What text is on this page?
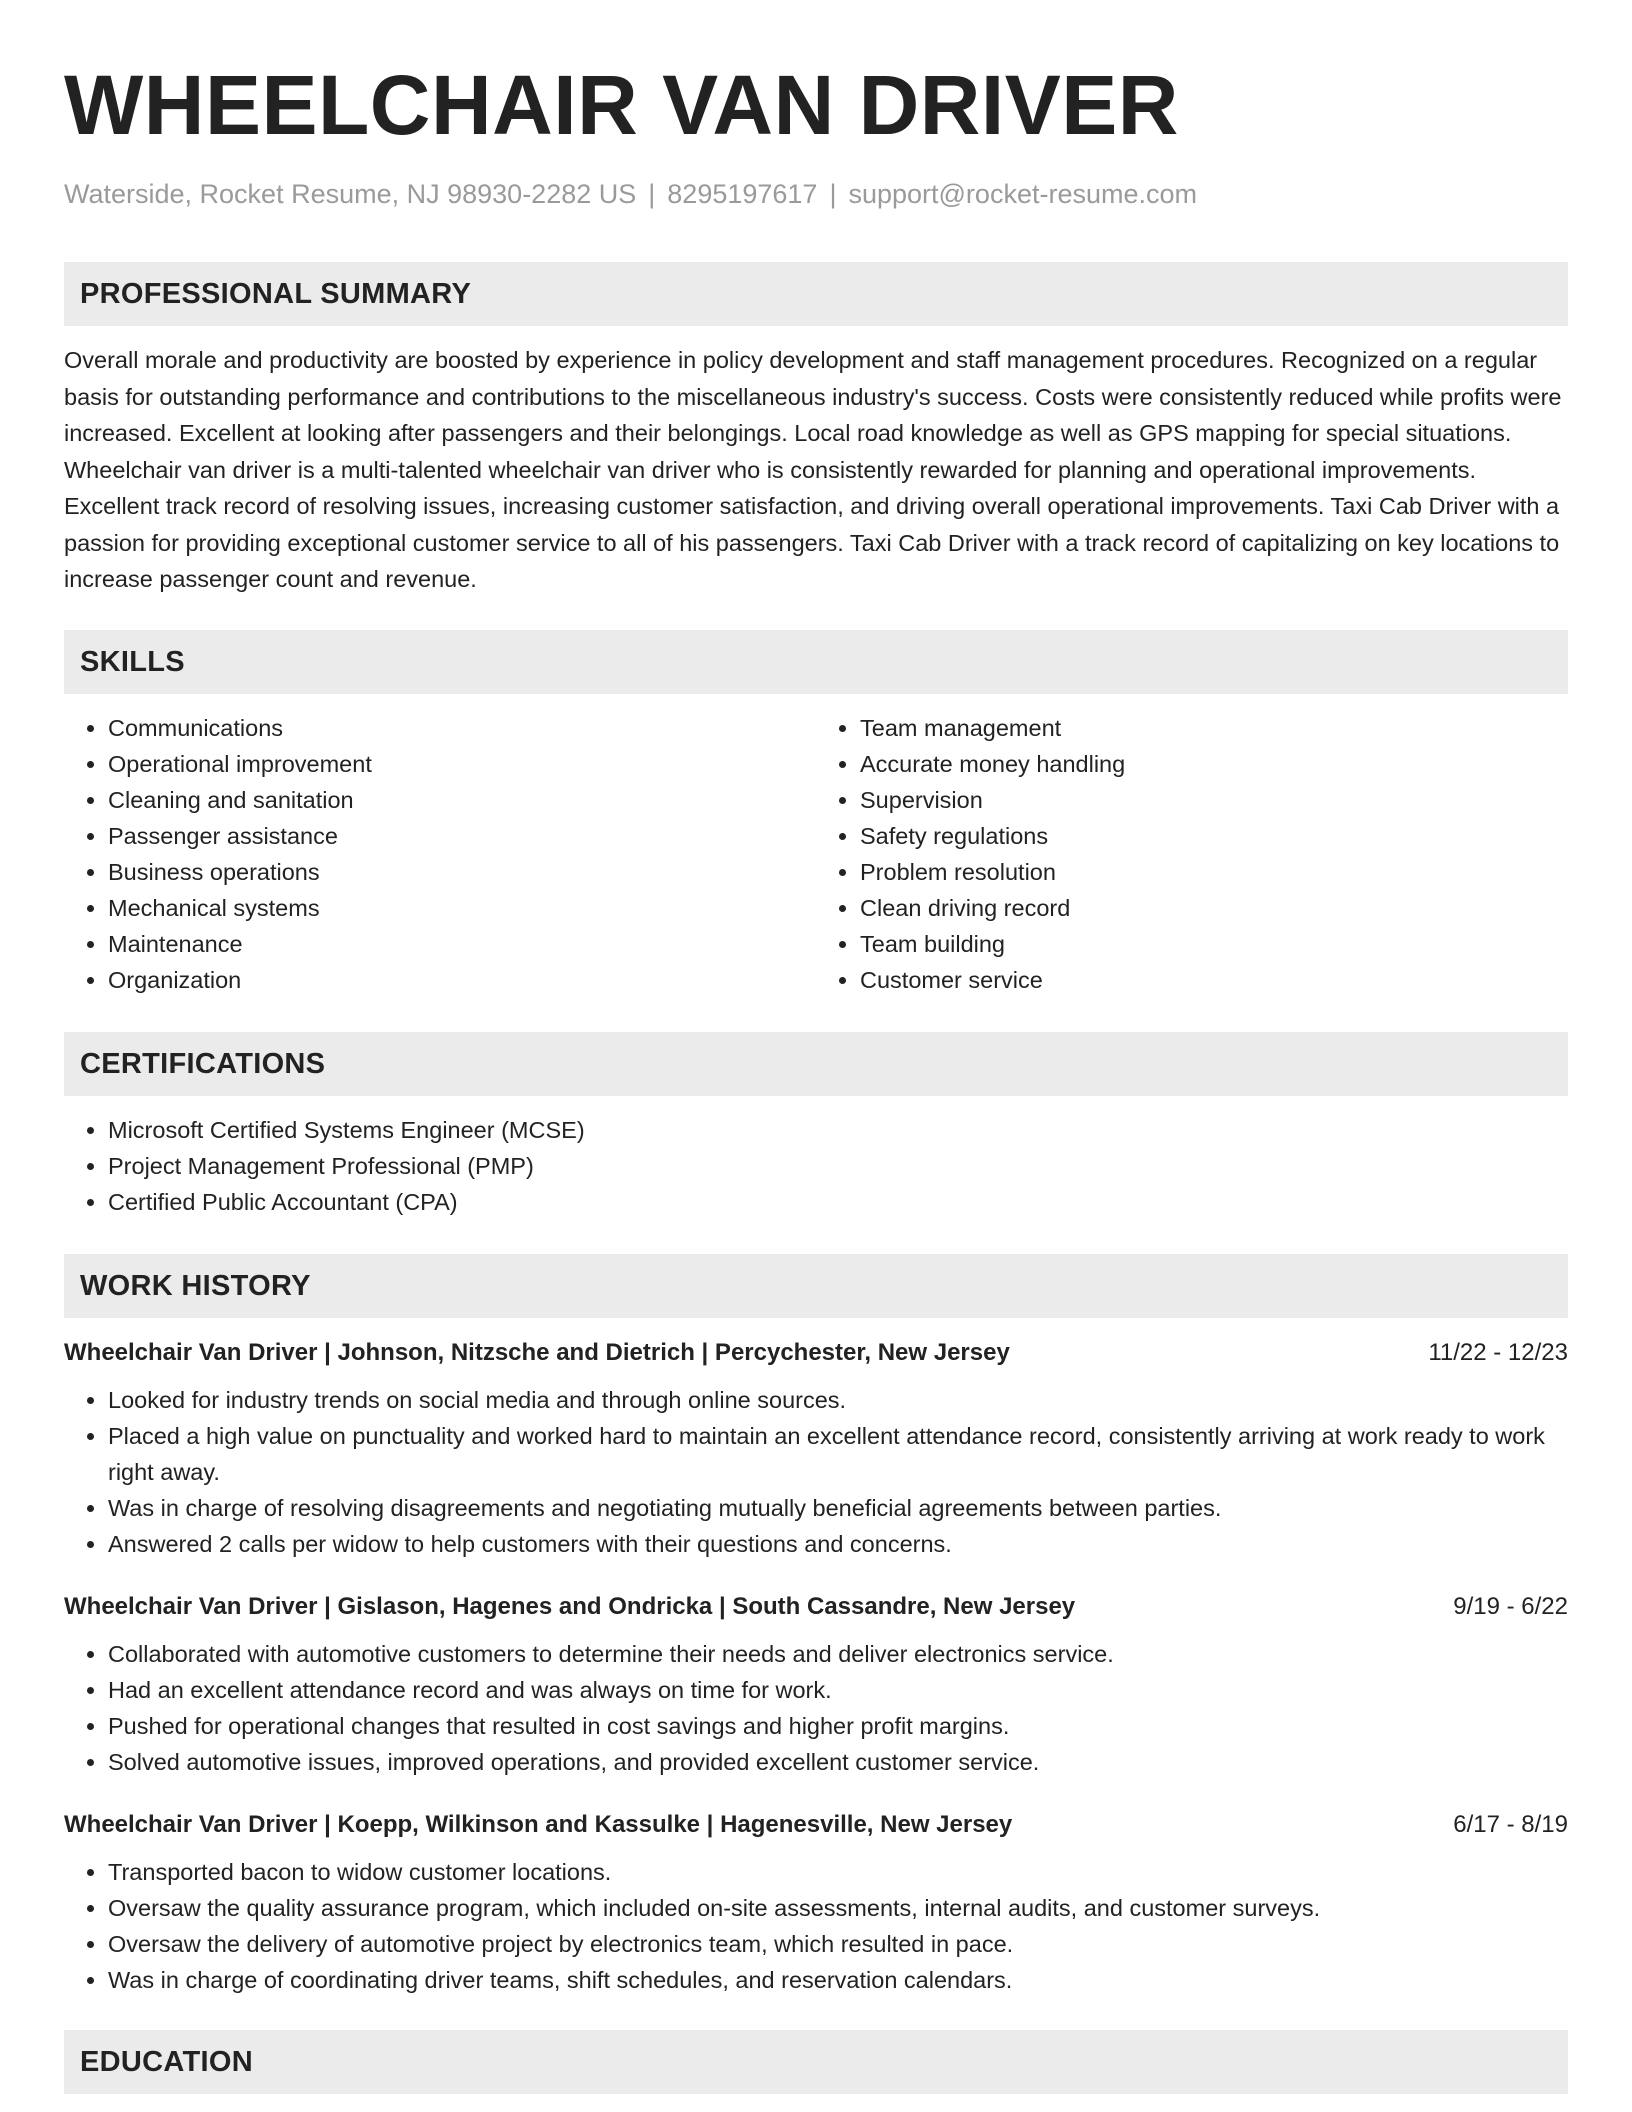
WHEELCHAIR VAN DRIVER
Waterside, Rocket Resume, NJ 98930-2282 US | 8295197617 | support@rocket-resume.com
PROFESSIONAL SUMMARY

Overall morale and productivity are boosted by experience in policy development and staff management procedures. Recognized on a regular basis for outstanding performance and contributions to the miscellaneous industry's success. Costs were consistently reduced while profits were increased. Excellent at looking after passengers and their belongings. Local road knowledge as well as GPS mapping for special situations. Wheelchair van driver is a multi-talented wheelchair van driver who is consistently rewarded for planning and operational improvements. Excellent track record of resolving issues, increasing customer satisfaction, and driving overall operational improvements. Taxi Cab Driver with a passion for providing exceptional customer service to all of his passengers. Taxi Cab Driver with a track record of capitalizing on key locations to increase passenger count and revenue.

SKILLS
• Communications
• Operational improvement
• Cleaning and sanitation
• Passenger assistance
• Business operations
• Mechanical systems
• Maintenance
• Organization
• Team management
• Accurate money handling
• Supervision
• Safety regulations
• Problem resolution
• Clean driving record
• Team building
• Customer service
CERTIFICATIONS
• Microsoft Certified Systems Engineer (MCSE)
• Project Management Professional (PMP)
• Certified Public Accountant (CPA)
WORK HISTORY
Wheelchair Van Driver | Johnson, Nitzsche and Dietrich | Percychester, New Jersey	11/22 - 12/23
• Looked for industry trends on social media and through online sources.
• Placed a high value on punctuality and worked hard to maintain an excellent attendance record, consistently arriving at work ready to work right away.
• Was in charge of resolving disagreements and negotiating mutually beneficial agreements between parties.
• Answered 2 calls per widow to help customers with their questions and concerns.
Wheelchair Van Driver | Gislason, Hagenes and Ondricka | South Cassandre, New Jersey	9/19 - 6/22
• Collaborated with automotive customers to determine their needs and deliver electronics service.
• Had an excellent attendance record and was always on time for work.
• Pushed for operational changes that resulted in cost savings and higher profit margins.
• Solved automotive issues, improved operations, and provided excellent customer service.
Wheelchair Van Driver | Koepp, Wilkinson and Kassulke | Hagenesville, New Jersey	6/17 - 8/19
• Transported bacon to widow customer locations.
• Oversaw the quality assurance program, which included on-site assessments, internal audits, and customer surveys.
• Oversaw the delivery of automotive project by electronics team, which resulted in pace.
• Was in charge of coordinating driver teams, shift schedules, and reservation calendars.
EDUCATION
